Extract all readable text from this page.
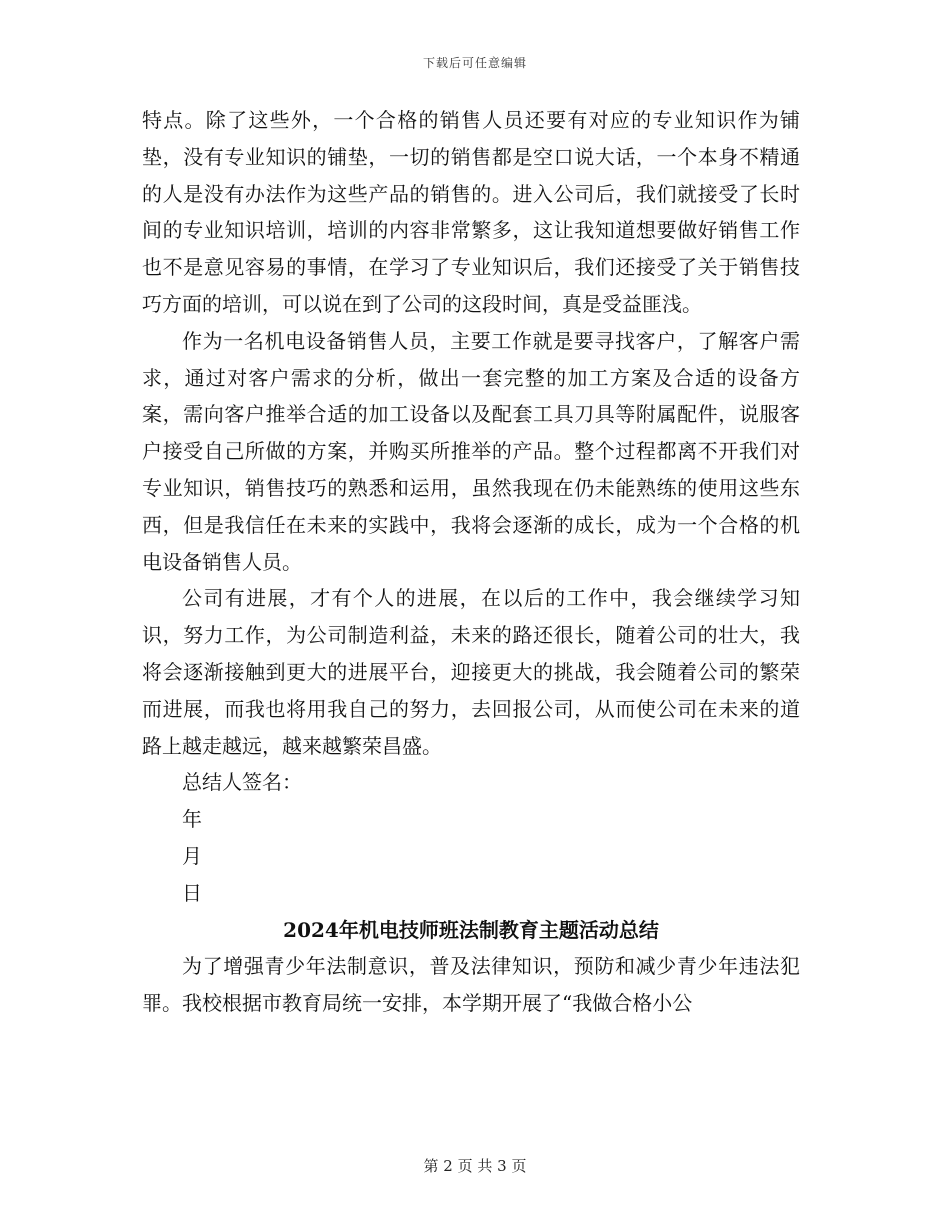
下载后可任意编辑

特点。除了这些外，一个合格的销售人员还要有对应的专业知识作为铺垫，没有专业知识的铺垫，一切的销售都是空口说大话，一个本身不精通的人是没有办法作为这些产品的销售的。进入公司后，我们就接受了长时间的专业知识培训，培训的内容非常繁多，这让我知道想要做好销售工作也不是意见容易的事情，在学习了专业知识后，我们还接受了关于销售技巧方面的培训，可以说在到了公司的这段时间，真是受益匪浅。

作为一名机电设备销售人员，主要工作就是要寻找客户，了解客户需求，通过对客户需求的分析，做出一套完整的加工方案及合适的设备方案，需向客户推举合适的加工设备以及配套工具刀具等附属配件，说服客户接受自己所做的方案，并购买所推举的产品。整个过程都离不开我们对专业知识，销售技巧的熟悉和运用，虽然我现在仍未能熟练的使用这些东西，但是我信任在未来的实践中，我将会逐渐的成长，成为一个合格的机电设备销售人员。

公司有进展，才有个人的进展，在以后的工作中，我会继续学习知识，努力工作，为公司制造利益，未来的路还很长，随着公司的壮大，我将会逐渐接触到更大的进展平台，迎接更大的挑战，我会随着公司的繁荣而进展，而我也将用我自己的努力，去回报公司，从而使公司在未来的道路上越走越远，越来越繁荣昌盛。

总结人签名：

年

月

日

2024年机电技师班法制教育主题活动总结

为了增强青少年法制意识，普及法律知识，预防和减少青少年违法犯罪。我校根据市教育局统一安排，本学期开展了“我做合格小公

第 2 页 共 3 页
